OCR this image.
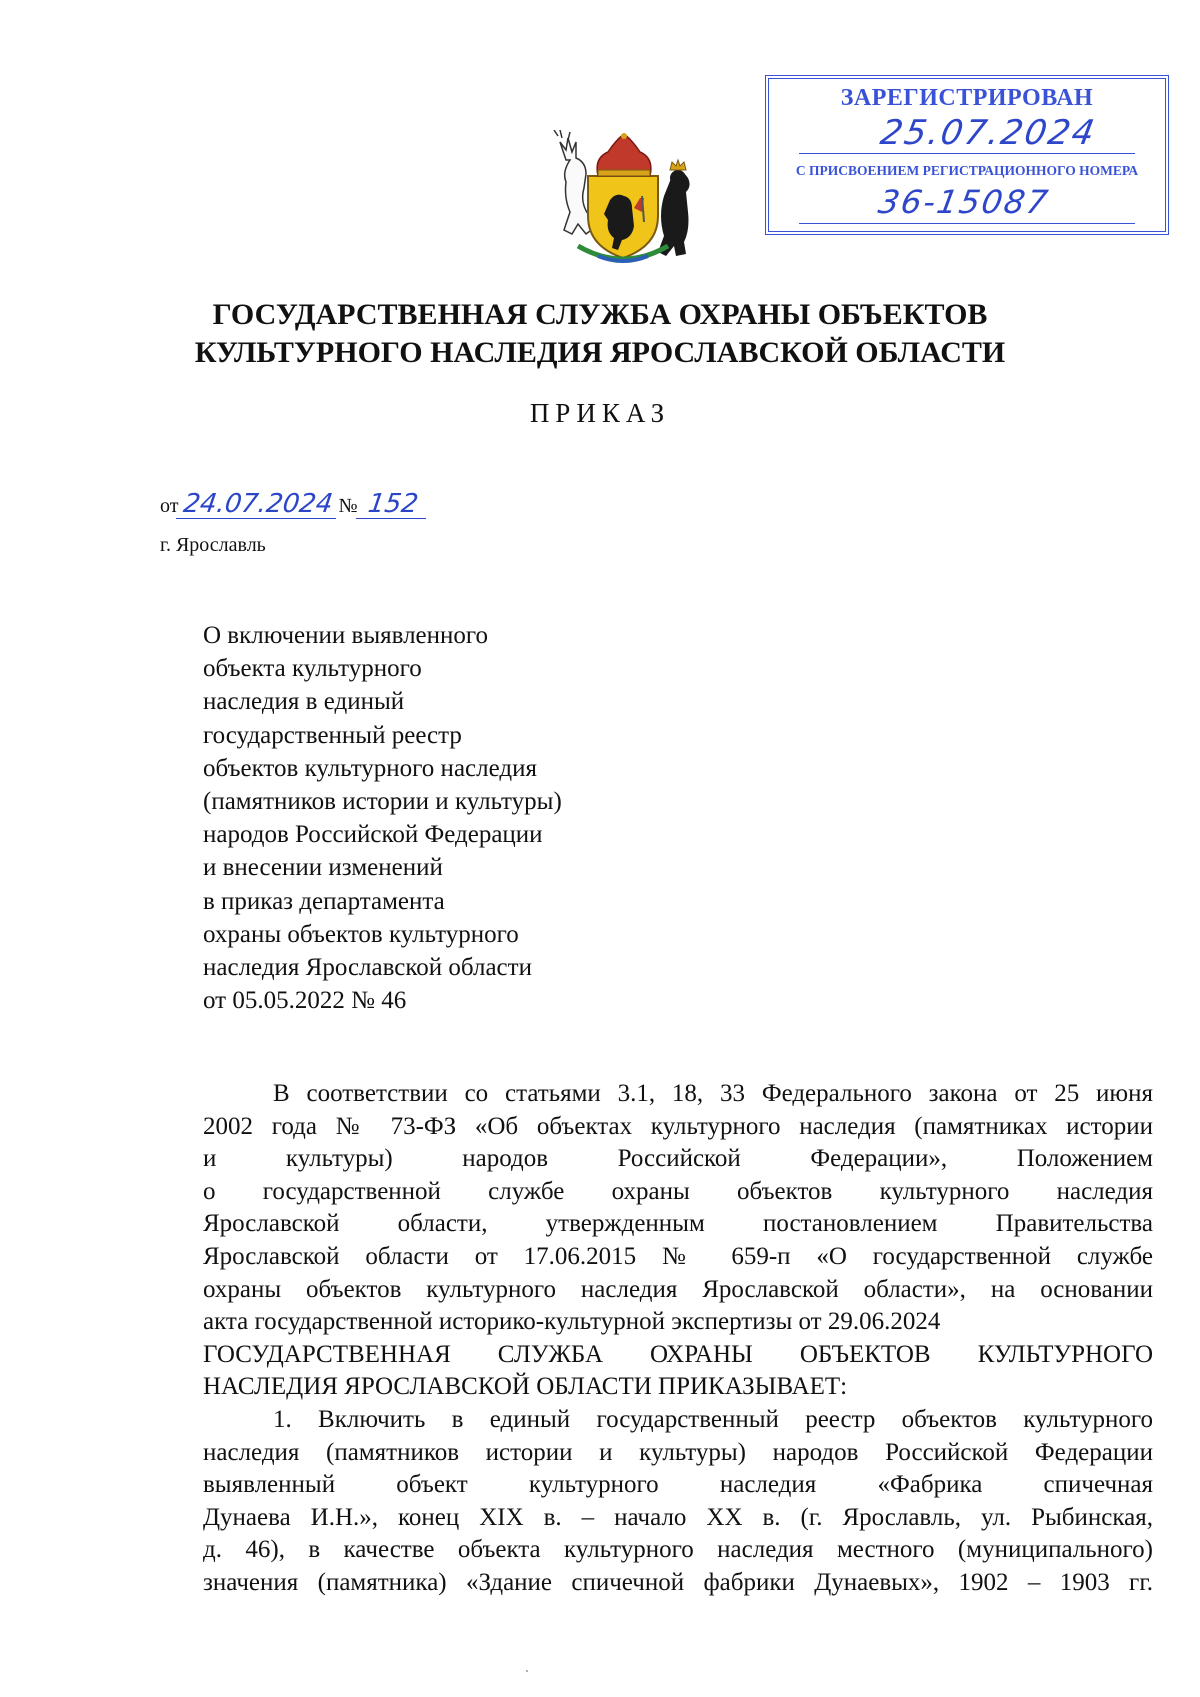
ЗАРЕГИСТРИРОВАН
25.07.2024
С ПРИСВОЕНИЕМ РЕГИСТРАЦИОННОГО НОМЕРА
36-15087
ГОСУДАРСТВЕННАЯ СЛУЖБА ОХРАНЫ ОБЪЕКТОВ
КУЛЬТУРНОГО НАСЛЕДИЯ ЯРОСЛАВСКОЙ ОБЛАСТИ
ПРИКАЗ
от 24.07.2024 № 152
г. Ярославль
О включении выявленного
объекта культурного
наследия в единый
государственный реестр
объектов культурного наследия
(памятников истории и культуры)
народов Российской Федерации
и внесении изменений
в приказ департамента
охраны объектов культурного
наследия Ярославской области
от 05.05.2022 № 46
В соответствии со статьями 3.1, 18, 33 Федерального закона от 25 июня
2002 года № 73-ФЗ «Об объектах культурного наследия (памятниках истории
и культуры) народов Российской Федерации», Положением
о государственной службе охраны объектов культурного наследия
Ярославской области, утвержденным постановлением Правительства
Ярославской области от 17.06.2015 № 659-п «О государственной службе
охраны объектов культурного наследия Ярославской области», на основании
акта государственной историко-культурной экспертизы от 29.06.2024
ГОСУДАРСТВЕННАЯ СЛУЖБА ОХРАНЫ ОБЪЕКТОВ КУЛЬТУРНОГО
НАСЛЕДИЯ ЯРОСЛАВСКОЙ ОБЛАСТИ ПРИКАЗЫВАЕТ:
1. Включить в единый государственный реестр объектов культурного
наследия (памятников истории и культуры) народов Российской Федерации
выявленный объект культурного наследия «Фабрика спичечная
Дунаева И.Н.», конец XIX в. – начало XX в. (г. Ярославль, ул. Рыбинская,
д. 46), в качестве объекта культурного наследия местного (муниципального)
значения (памятника) «Здание спичечной фабрики Дунаевых», 1902 – 1903 гг.
